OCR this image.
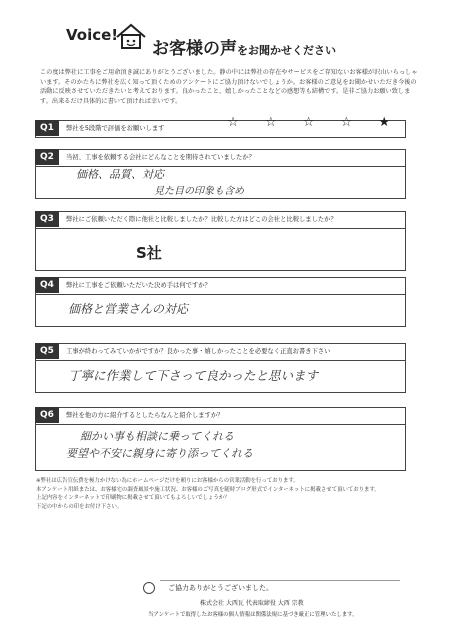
Voice!
お客様の声をお聞かせください
この度は弊社に工事をご用命頂き誠にありがとうございました。静の中には弊社の存在やサービスをご存知ないお客様が沢山いらっしゃいます。そのかたちに弊社を広く知って頂くためのアンケートにご協力頂けないでしょうか。お客様のご意見をお聞かせいただき今後の活動に反映させていただきたいと考えております。良かったこと、嬉しかったことなどの感想等も結構です。是非ご協力お願い致します。出来るだけ具体的に書いて頂ければ幸いです。
Q1	弊社を5段階で評価をお願いします	☆ ☆ ☆ ☆ ★
Q2	当初、工事を依頼する会社にどんなことを期待されていましたか？
価格、品質、対応
見た目の印象も含め
Q3	弊社にご依頼いただく際に他社と比較しましたか？比較した方はどこの会社と比較しましたか？
S社
Q4	弊社に工事をご依頼いただいた決め手は何ですか？
価格と営業さんの対応
Q5	工事が終わってみていかがですか？良かった事・嬉しかったことを必要なく正直お書き下さい
丁寧に作業して下さって良かったと思います
Q6	弊社を他の方に紹介するとしたらなんと紹介しますか？
細かい事も相談に乗ってくれる
要望や不安に親身に寄り添ってくれる
※弊社は広告宣伝費を極力かけない為にホームページだけを頼りにお客様からの営業活動を行っております。
本アンケート用紙または、お客様宅の調査風景や施工状況、お客様のご写真を随時ブログ形式でインターネットに掲載させて頂いております。
上記内容をインターネットで印刷物に掲載させて頂いてもよろしいでしょうか？
下記の中からの印をお付け下さい。
ご協力ありがとうございました。
株式会社 大西瓦 代表取締役 大西 宗教
当アンケートで取得したお客様の個人情報は関係法規に基づき厳正に管理いたします。
